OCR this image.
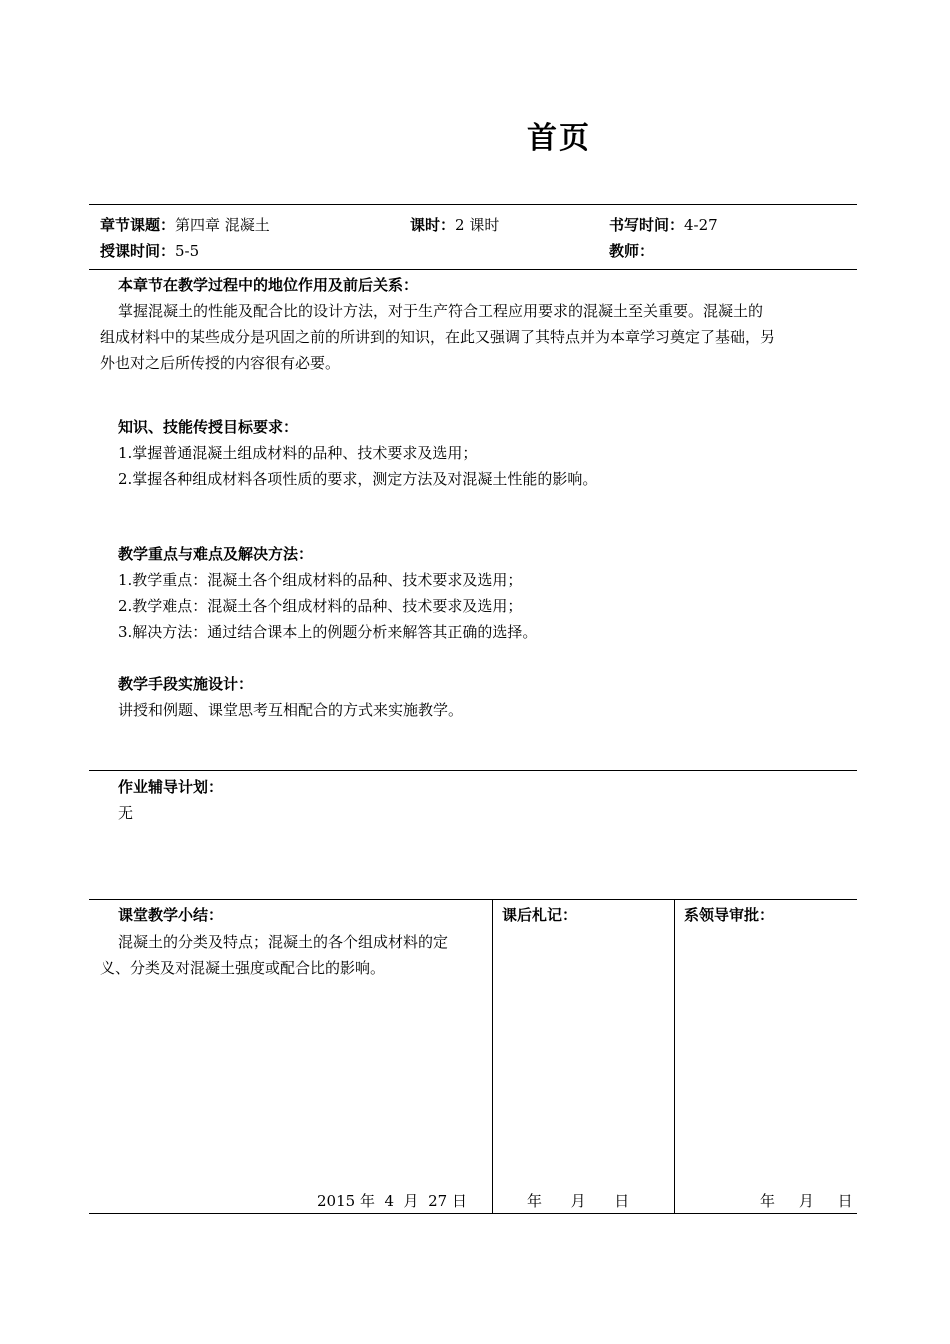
首页
章节课题：第四章 混凝土	课时：2 课时	书写时间：4-27
授课时间：5-5	教师：
本章节在教学过程中的地位作用及前后关系：
掌握混凝土的性能及配合比的设计方法，对于生产符合工程应用要求的混凝土至关重要。混凝土的
组成材料中的某些成分是巩固之前的所讲到的知识，在此又强调了其特点并为本章学习奠定了基础，另
外也对之后所传授的内容很有必要。
知识、技能传授目标要求：
1.掌握普通混凝土组成材料的品种、技术要求及选用；
2.掌握各种组成材料各项性质的要求，测定方法及对混凝土性能的影响。
教学重点与难点及解决方法：
1.教学重点：混凝土各个组成材料的品种、技术要求及选用；
2.教学难点：混凝土各个组成材料的品种、技术要求及选用；
3.解决方法：通过结合课本上的例题分析来解答其正确的选择。
教学手段实施设计：
讲授和例题、课堂思考互相配合的方式来实施教学。
作业辅导计划：
无
课堂教学小结：
混凝土的分类及特点；混凝土的各个组成材料的定
义、分类及对混凝土强度或配合比的影响。
2015 年  4  月  27 日
课后札记：
年      月      日
系领导审批：
年     月     日
